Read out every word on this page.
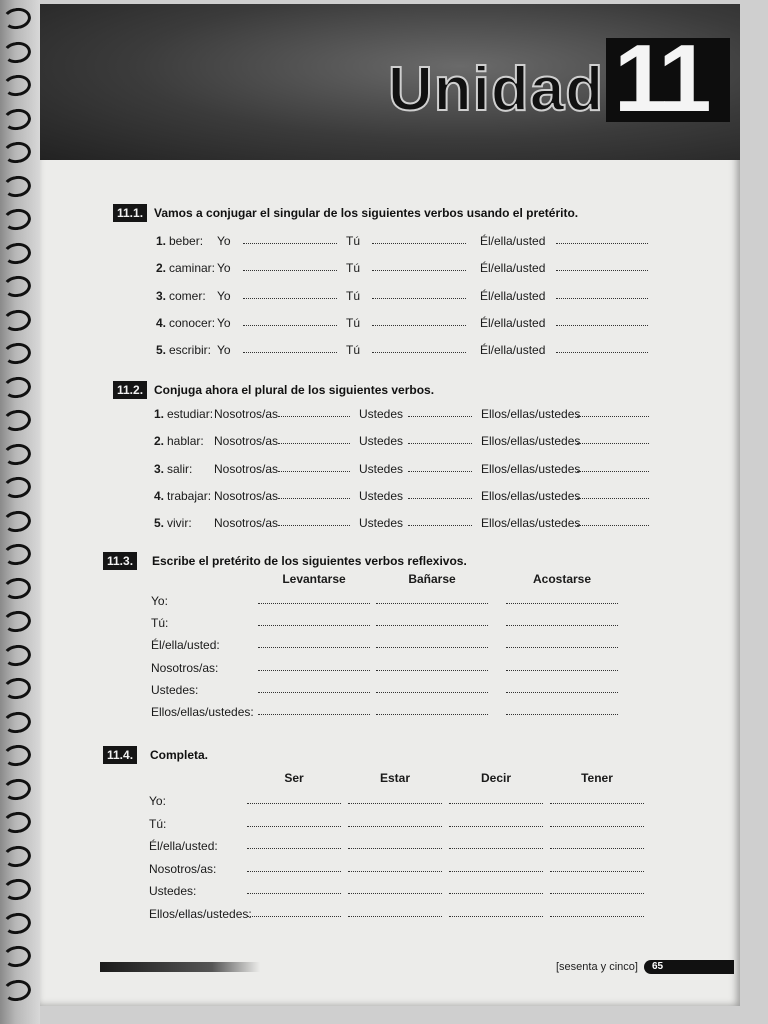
Unidad 11
11.1. Vamos a conjugar el singular de los siguientes verbos usando el pretérito.
1. beber: Yo	Tú	Él/ella/usted
2. caminar: Yo	Tú	Él/ella/usted
3. comer: Yo	Tú	Él/ella/usted
4. conocer: Yo	Tú	Él/ella/usted
5. escribir: Yo	Tú	Él/ella/usted
11.2. Conjuga ahora el plural de los siguientes verbos.
1. estudiar: Nosotros/as	Ustedes	Ellos/ellas/ustedes
2. hablar: Nosotros/as	Ustedes	Ellos/ellas/ustedes
3. salir: Nosotros/as	Ustedes	Ellos/ellas/ustedes
4. trabajar: Nosotros/as	Ustedes	Ellos/ellas/ustedes
5. vivir: Nosotros/as	Ustedes	Ellos/ellas/ustedes
11.3.	Escribe el pretérito de los siguientes verbos reflexivos.
Levantarse	Bañarse	Acostarse
Yo:
Tú:
Él/ella/usted:
Nosotros/as:
Ustedes:
Ellos/ellas/ustedes:
11.4.	Completa.
Ser	Estar	Decir	Tener
Yo:
Tú:
Él/ella/usted:
Nosotros/as:
Ustedes:
Ellos/ellas/ustedes:
[sesenta y cinco]	65
